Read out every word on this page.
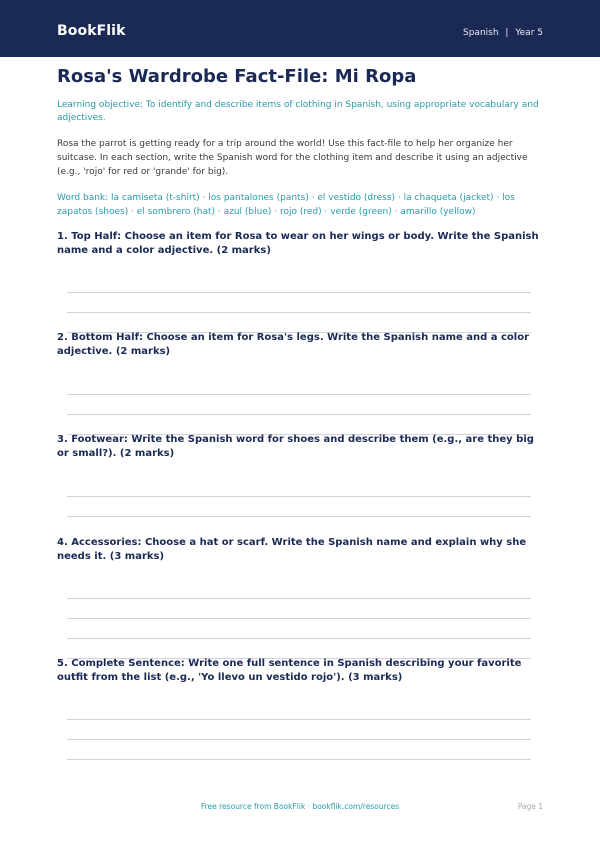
BookFlik	Spanish | Year 5
Rosa's Wardrobe Fact-File: Mi Ropa

Learning objective: To identify and describe items of clothing in Spanish, using appropriate vocabulary and adjectives.

Rosa the parrot is getting ready for a trip around the world! Use this fact-file to help her organize her suitcase. In each section, write the Spanish word for the clothing item and describe it using an adjective (e.g., 'rojo' for red or 'grande' for big).

Word bank: la camiseta (t-shirt) · los pantalones (pants) · el vestido (dress) · la chaqueta (jacket) · los zapatos (shoes) · el sombrero (hat) · azul (blue) · rojo (red) · verde (green) · amarillo (yellow)

1. Top Half: Choose an item for Rosa to wear on her wings or body. Write the Spanish name and a color adjective. (2 marks)
2. Bottom Half: Choose an item for Rosa's legs. Write the Spanish name and a color adjective. (2 marks)
3. Footwear: Write the Spanish word for shoes and describe them (e.g., are they big or small?). (2 marks)
4. Accessories: Choose a hat or scarf. Write the Spanish name and explain why she needs it. (3 marks)
5. Complete Sentence: Write one full sentence in Spanish describing your favorite outfit from the list (e.g., 'Yo llevo un vestido rojo'). (3 marks)
Free resource from BookFlik · bookflik.com/resources	Page 1
